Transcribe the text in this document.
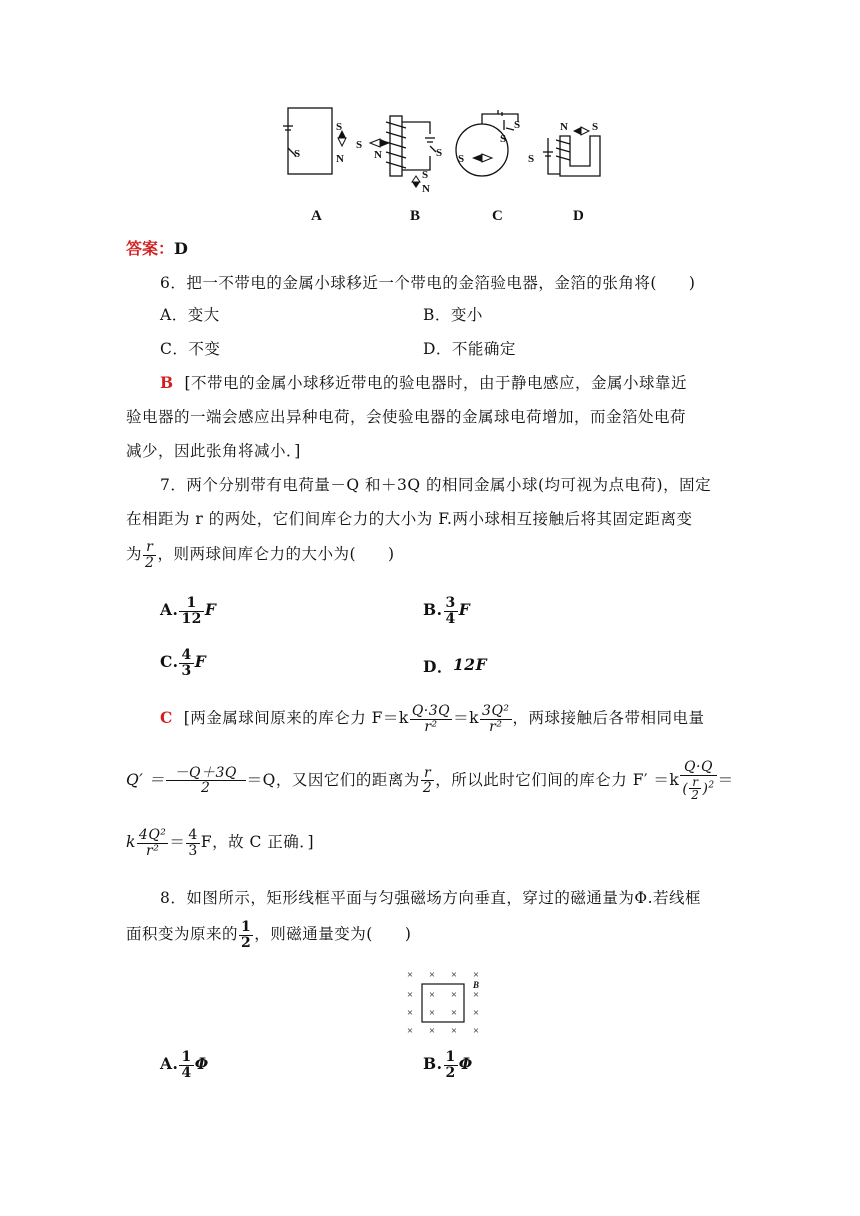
S
N
S
S
N	S
S
N
S
S
S
S
N S
A	B	C	D
答案：D
6．把一不带电的金属小球移近一个带电的金箔验电器，金箔的张角将(　　)
A．变大	B．变小
C．不变	D．不能确定
B [不带电的金属小球移近带电的验电器时，由于静电感应，金属小球靠近
验电器的一端会感应出异种电荷，会使验电器的金属球电荷增加，而金箔处电荷
减少，因此张角将减小．]
7．两个分别带有电荷量－Q 和＋3Q 的相同金属小球(均可视为点电荷)，固定
在相距为 r 的两处，它们间库仑力的大小为 F.两小球相互接触后将其固定距离变
为 $\frac{r}{2}$ ，则两球间库仑力的大小为(　　)
A. $\frac{1}{12}$ F	B. $\frac{3}{4}$ F
C. $\frac{4}{3}$ F	D． 12F
C [两金属球间原来的库仑力 $F=k \frac{Q\cdot 3Q}{\text{r²}} =k \frac{\text{3Q²}}{\text{r²}}$ ，两球接触后各带相同电量
$Q' = \frac{-Q+3Q}{2} =Q$，又因它们的距离为 $\frac{r}{2}$ ，所以此时它们间的库仑力 $F' =k \frac{Q\cdot Q}{( \frac{r}{2} )^2}$ ＝
k $\frac{\text{4Q²}}{\text{r²}} = \frac{4}{3}$ F，故 C 正确．]
8．如图所示，矩形线框平面与匀强磁场方向垂直，穿过的磁通量为Φ.若线框
面积变为原来的 $\frac{1}{2}$ ，则磁通量变为(　　)
× × × ×
× × × ×
× × × ×
× × × ×
B
A. $\frac{1}{4}$ Φ	B. $\frac{1}{2}$ Φ
